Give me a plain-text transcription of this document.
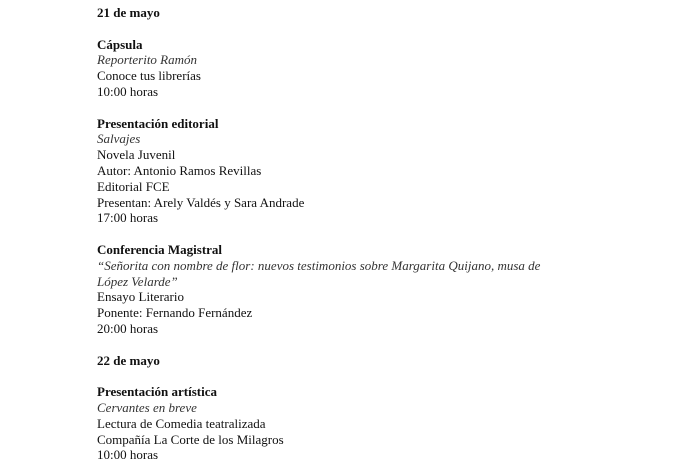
21 de mayo
Cápsula
Reporterito Ramón
Conoce tus librerías
10:00 horas
Presentación editorial
Salvajes
Novela Juvenil
Autor: Antonio Ramos Revillas
Editorial FCE
Presentan: Arely Valdés y Sara Andrade
17:00 horas
Conferencia Magistral
“Señorita con nombre de flor: nuevos testimonios sobre Margarita Quijano, musa de
López Velarde”
Ensayo Literario
Ponente: Fernando Fernández
20:00 horas
22 de mayo
Presentación artística
Cervantes en breve
Lectura de Comedia teatralizada
Compañía La Corte de los Milagros
10:00 horas
